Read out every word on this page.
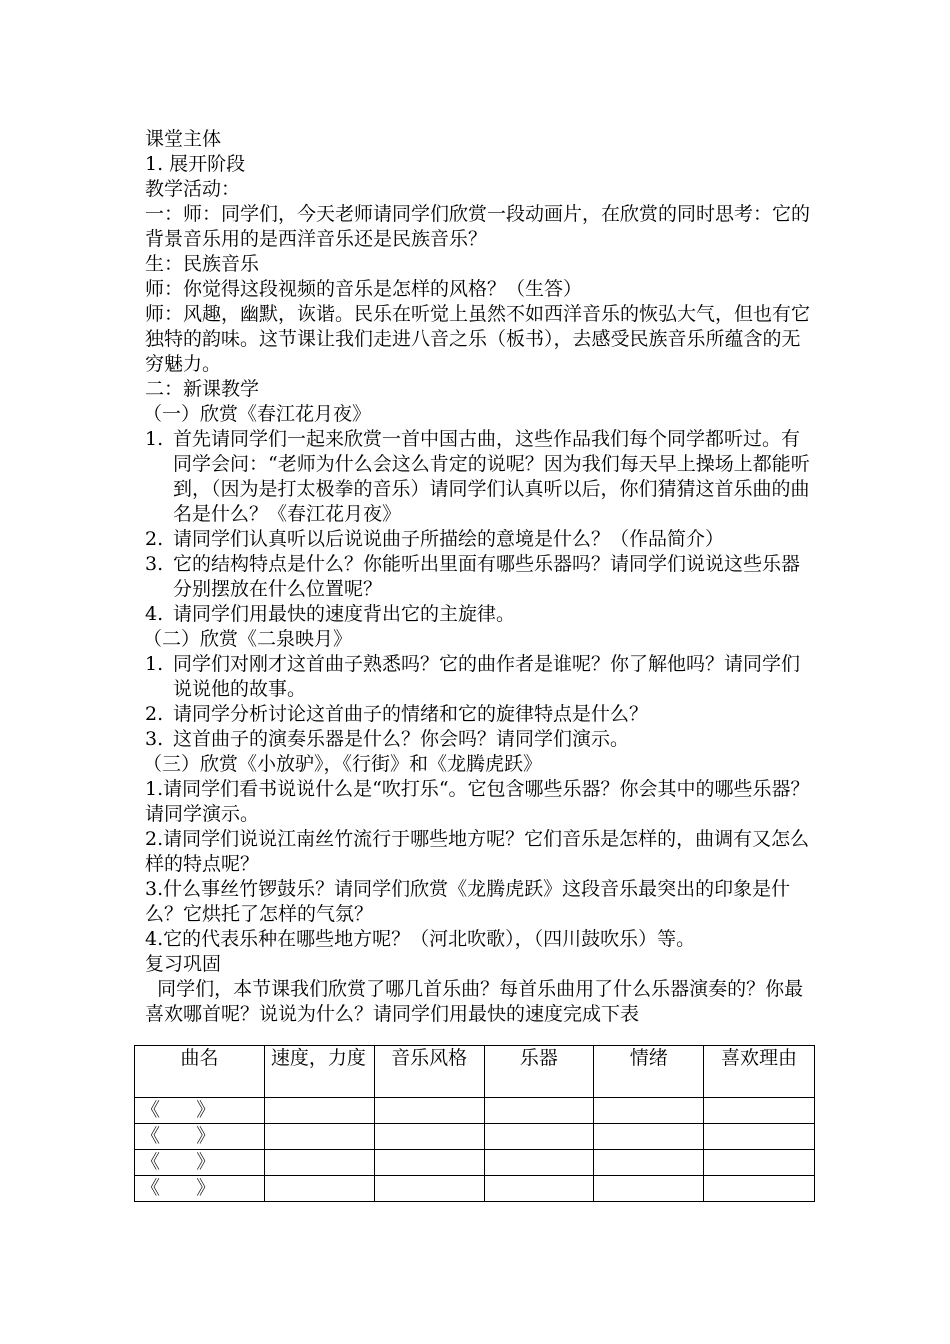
课堂主体
1. 展开阶段
教学活动：
一：师：同学们，今天老师请同学们欣赏一段动画片，在欣赏的同时思考：它的背景音乐用的是西洋音乐还是民族音乐？
生：民族音乐
师：你觉得这段视频的音乐是怎样的风格？（生答）
师：风趣，幽默，诙谐。民乐在听觉上虽然不如西洋音乐的恢弘大气，但也有它独特的韵味。这节课让我们走进八音之乐（板书），去感受民族音乐所蕴含的无穷魅力。
二：新课教学
（一）欣赏《春江花月夜》
1. 首先请同学们一起来欣赏一首中国古曲，这些作品我们每个同学都听过。有同学会问：“老师为什么会这么肯定的说呢？因为我们每天早上操场上都能听到，（因为是打太极拳的音乐）请同学们认真听以后，你们猜猜这首乐曲的曲名是什么？《春江花月夜》
2. 请同学们认真听以后说说曲子所描绘的意境是什么？（作品简介）
3. 它的结构特点是什么？你能听出里面有哪些乐器吗？请同学们说说这些乐器分别摆放在什么位置呢？
4. 请同学们用最快的速度背出它的主旋律。
（二）欣赏《二泉映月》
1. 同学们对刚才这首曲子熟悉吗？它的曲作者是谁呢？你了解他吗？请同学们说说他的故事。
2. 请同学分析讨论这首曲子的情绪和它的旋律特点是什么？
3. 这首曲子的演奏乐器是什么？你会吗？请同学们演示。
（三）欣赏《小放驴》，《行街》和《龙腾虎跃》
1.请同学们看书说说什么是“吹打乐“。它包含哪些乐器？你会其中的哪些乐器？请同学演示。
2.请同学们说说江南丝竹流行于哪些地方呢？它们音乐是怎样的，曲调有又怎么样的特点呢？
3.什么事丝竹锣鼓乐？请同学们欣赏《龙腾虎跃》这段音乐最突出的印象是什么？它烘托了怎样的气氛？
4.它的代表乐种在哪些地方呢？（河北吹歌），（四川鼓吹乐）等。
复习巩固
同学们，本节课我们欣赏了哪几首乐曲？每首乐曲用了什么乐器演奏的？你最喜欢哪首呢？说说为什么？请同学们用最快的速度完成下表
曲名	速度，力度	音乐风格	乐器	情绪	喜欢理由
《      》					
《      》					
《      》					
《      》					
